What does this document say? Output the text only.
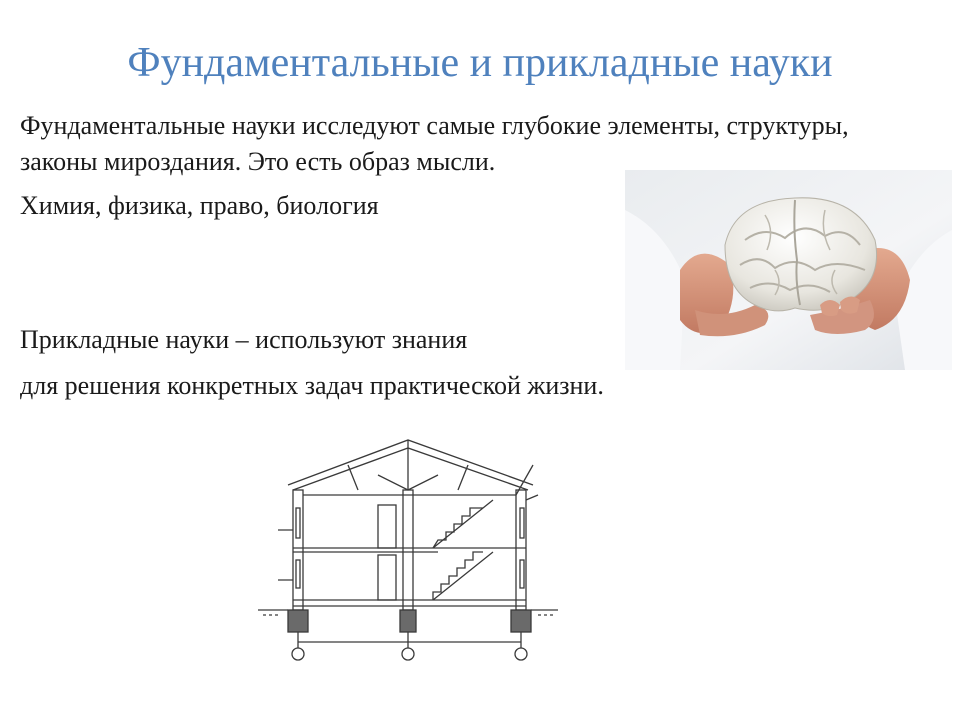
Фундаментальные и прикладные науки

Фундаментальные науки исследуют самые глубокие элементы, структуры, законы мироздания. Это есть образ мысли.

Химия, физика, право, биология

Прикладные науки – используют знания

для решения конкретных задач практической жизни.
